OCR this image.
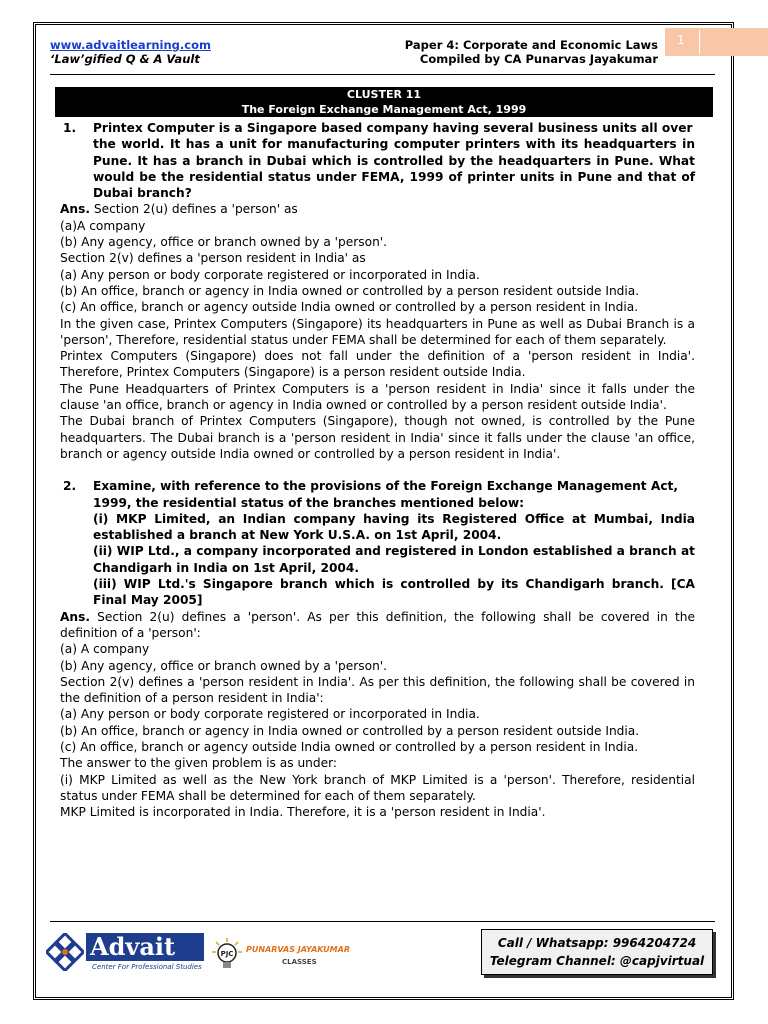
1
www.advaitlearning.com
‘Law’gified Q & A Vault
Paper 4: Corporate and Economic Laws
Compiled by CA Punarvas Jayakumar
CLUSTER 11
The Foreign Exchange Management Act, 1999

1. Printex Computer is a Singapore based company having several business units all over

the world. It has a unit for manufacturing computer printers with its headquarters in Pune. It has a branch in Dubai which is controlled by the headquarters in Pune. What would be the residential status under FEMA, 1999 of printer units in Pune and that of Dubai branch?

Ans. Section 2(u) defines a 'person' as

(a)A company

(b) Any agency, office or branch owned by a 'person'.

Section 2(v) defines a 'person resident in India' as

(a) Any person or body corporate registered or incorporated in India.

(b) An office, branch or agency in India owned or controlled by a person resident outside India.

(c) An office, branch or agency outside India owned or controlled by a person resident in India.

In the given case, Printex Computers (Singapore) its headquarters in Pune as well as Dubai Branch is a 'person', Therefore, residential status under FEMA shall be determined for each of them separately.

Printex Computers (Singapore) does not fall under the definition of a 'person resident in India'. Therefore, Printex Computers (Singapore) is a person resident outside India.

The Pune Headquarters of Printex Computers is a 'person resident in India' since it falls under the clause 'an office, branch or agency in India owned or controlled by a person resident outside India'.

The Dubai branch of Printex Computers (Singapore), though not owned, is controlled by the Pune headquarters. The Dubai branch is a 'person resident in India' since it falls under the clause 'an office, branch or agency outside India owned or controlled by a person resident in India'.

2. Examine, with reference to the provisions of the Foreign Exchange Management Act,

1999, the residential status of the branches mentioned below:

(i) MKP Limited, an Indian company having its Registered Office at Mumbai, India established a branch at New York U.S.A. on 1st April, 2004.

(ii) WIP Ltd., a company incorporated and registered in London established a branch at Chandigarh in India on 1st April, 2004.

(iii) WIP Ltd.'s Singapore branch which is controlled by its Chandigarh branch. [CA Final May 2005]

Ans. Section 2(u) defines a 'person'. As per this definition, the following shall be covered in the definition of a 'person':

(a) A company

(b) Any agency, office or branch owned by a 'person'.

Section 2(v) defines a 'person resident in India'. As per this definition, the following shall be covered in the definition of a person resident in India':

(a) Any person or body corporate registered or incorporated in India.

(b) An office, branch or agency in India owned or controlled by a person resident outside India.

(c) An office, branch or agency outside India owned or controlled by a person resident in India.

The answer to the given problem is as under:

(i) MKP Limited as well as the New York branch of MKP Limited is a 'person'. Therefore, residential status under FEMA shall be determined for each of them separately.

MKP Limited is incorporated in India. Therefore, it is a 'person resident in India'.

Advait
Center For Professional Studies
PJC PUNARVAS JAYAKUMAR
CLASSES
Call / Whatsapp: 9964204724
Telegram Channel: @capjvirtual
